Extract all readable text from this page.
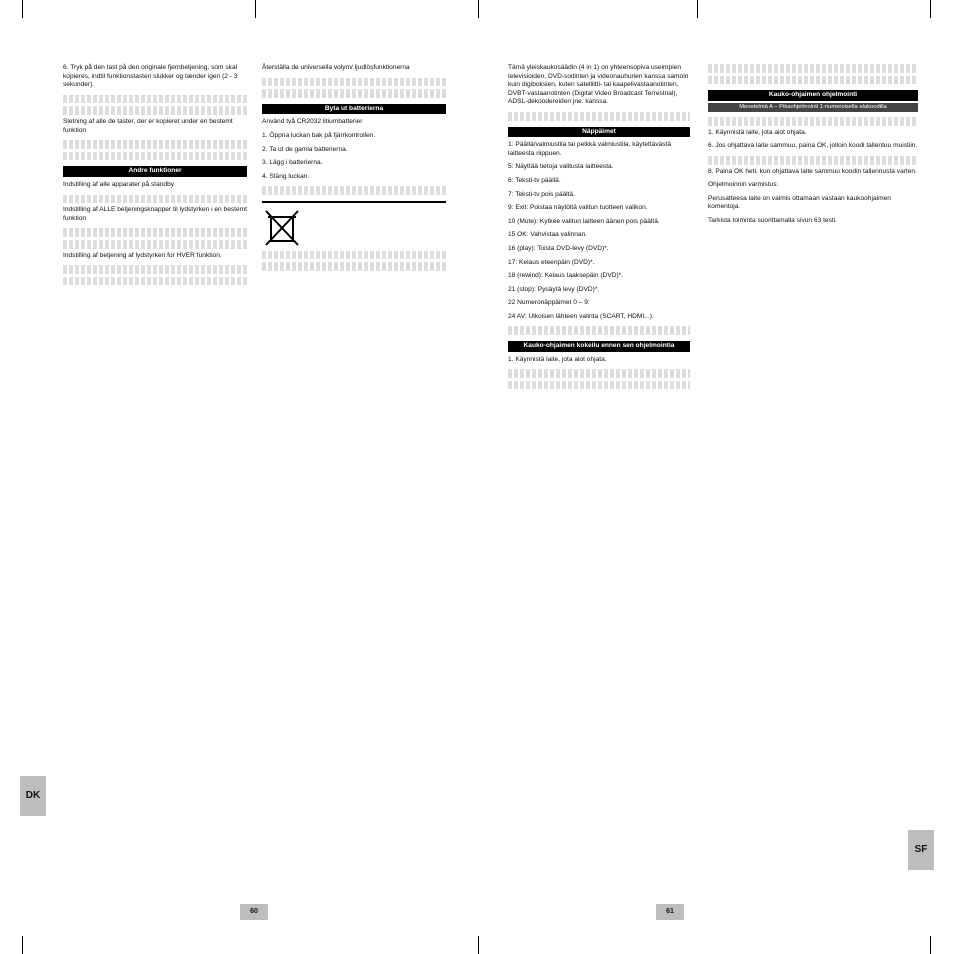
6. Tryk på den tast på den originale fjernbetjening, som skal kopieres, indtil funktionstasten slukker og tænder igen (2 - 3 sekunder).
Sletning af alle de taster, der er kopieret under en bestemt funktion
Andre funktioner
Indstilling af alle apparater på standby
Indstilling af ALLE betjeningsknapper til lydstyrken i en bestemt funktion
Indstilling af betjening af lydstyrken for HVER funktion.
Återställa de universella volym/ ljudlösfunktionerna
Byta ut batterierna
Använd två CR2032 litiumbatterier
1. Öppna luckan bak på fjärrkontrollen.
2. Ta ut de gamla batterierna.
3. Lägg i batterierna.
4. Stäng luckan.
Tämä yleiskaukosäädin (4 in 1) on yhteensopiva useimpien televisioiden, DVD-soitinten ja videonauhurien kanssa samoin kuin digiboksien, kuten satelliitti- tai kaapelivastaanotinten, DVBT-vastaanotinten (Digital Video Broadcast Terrestrial), ADSL-dekoodereiden jne. kanssa.
Näppäimet
1: Päällä/valmiustila tai pelkkä valmiustila, käytettävästä laitteesta riippuen.
5: Näyttää tietoja valitusta laitteesta.
6: Teksti-tv päällä.
7: Teksti-tv pois päältä.
9: Exit: Poistaa näytöltä valitun tuotteen valikon.
10 (Mute): Kytkee valitun laitteen äänen pois päältä.
15 OK: Vahvistaa valinnan.
16 (play): Toista DVD-levy (DVD)*.
17: Kelaus eteenpäin (DVD)*.
18 (rewind): Kelaus taaksepäin (DVD)*.
21 (stop): Pysäytä levy (DVD)*.
22 Numeronäppäimet 0 – 9:
24 AV: Ulkoisen lähteen valinta (SCART, HDMI...).
Kauko-ohjaimen kokeilu ennen sen ohjelmointia
1. Käynnistä laite, jota aiot ohjata.
Kauko-ohjaimen ohjelmointi
Menetelmä A – Pikaohjelmointi 1-numeroisella alakoodilla
1. Käynnistä laite, jota aiot ohjata.
6. Jos ohjattava laite sammuu, paina OK, jolloin koodi tallentuu muistiin.
8. Paina OK heti, kun ohjattava laite sammuu koodin tallennusta varten.
Ohjelmoinnin varmistus:
Perusatteesa laite on valmis ottamaan vastaan kaukoohjaimen komentoja.
Tarkista toiminta suorittamalla sivun 63 testi.
DK
SF
60	61
